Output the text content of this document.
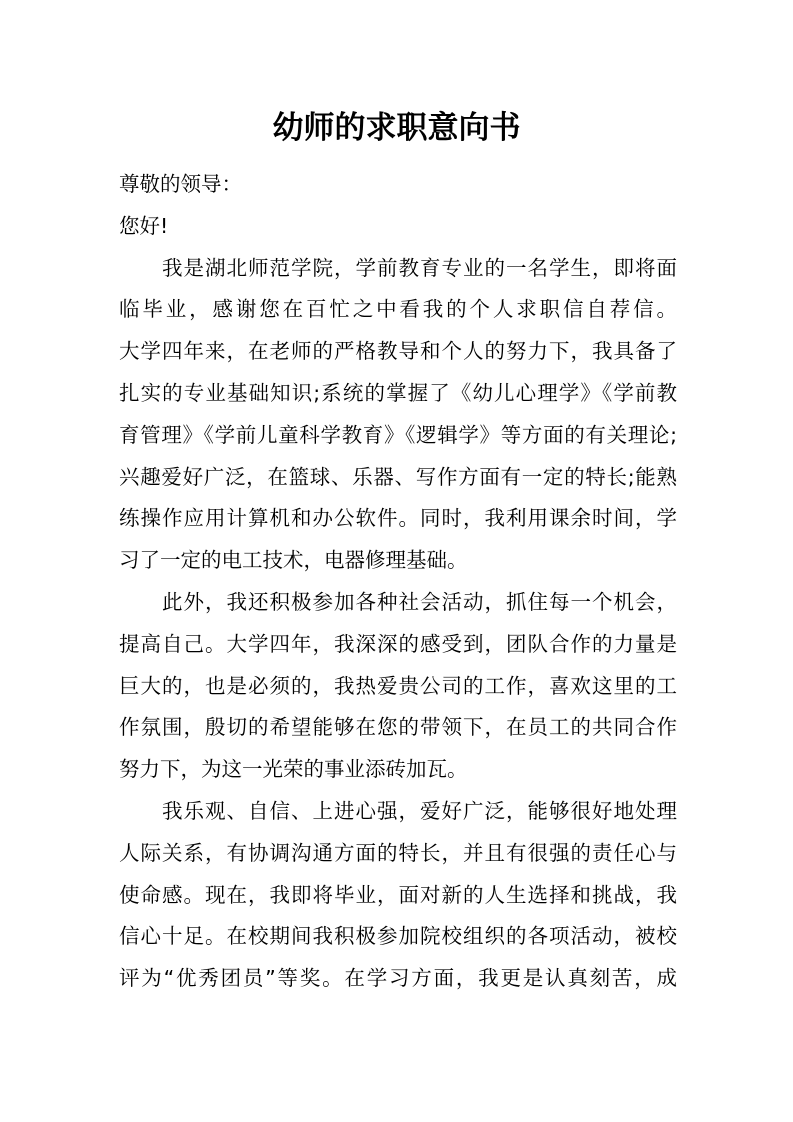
幼师的求职意向书
尊敬的领导：
您好!
我是湖北师范学院，学前教育专业的一名学生，即将面
临毕业，感谢您在百忙之中看我的个人求职信自荐信。
大学四年来，在老师的严格教导和个人的努力下，我具备了
扎实的专业基础知识;系统的掌握了《幼儿心理学》《学前教
育管理》《学前儿童科学教育》《逻辑学》等方面的有关理论;
兴趣爱好广泛，在篮球、乐器、写作方面有一定的特长;能熟
练操作应用计算机和办公软件。同时，我利用课余时间，学
习了一定的电工技术，电器修理基础。
此外，我还积极参加各种社会活动，抓住每一个机会，
提高自己。大学四年，我深深的感受到，团队合作的力量是
巨大的，也是必须的，我热爱贵公司的工作，喜欢这里的工
作氛围，殷切的希望能够在您的带领下，在员工的共同合作
努力下，为这一光荣的事业添砖加瓦。
我乐观、自信、上进心强，爱好广泛，能够很好地处理
人际关系，有协调沟通方面的特长，并且有很强的责任心与
使命感。现在，我即将毕业，面对新的人生选择和挑战，我
信心十足。在校期间我积极参加院校组织的各项活动，被校
评为“优秀团员”等奖。在学习方面，我更是认真刻苦，成
